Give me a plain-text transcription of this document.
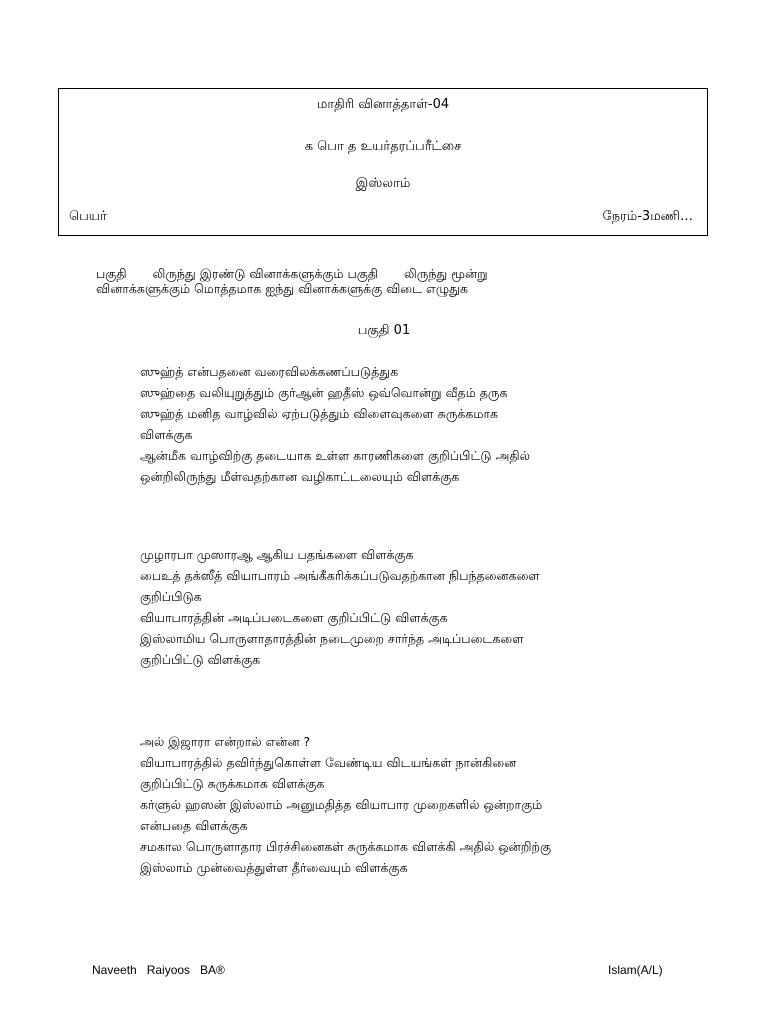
மாதிரி வினாத்தாள்-04
க பொ த உயர்தரப்பரீட்சை
இஸ்லாம்
பெயர்	நேரம்-3மணி…
பகுதி லிருந்து இரண்டு வினாக்களுக்கும் பகுதி லிருந்து மூன்று
வினாக்களுக்கும் மொத்தமாக ஐந்து வினாக்களுக்கு விடை எழுதுக
பகுதி 01
ஸுஹ்த் என்பதனை வரைவிலக்கணப்படுத்துக
ஸுஹ்தை வலியுறுத்தும் குர்ஆன் ஹதீஸ் ஒவ்வொன்று வீதம் தருக
ஸுஹ்த் மனித வாழ்வில் ஏற்படுத்தும் விளைவுகளை சுருக்கமாக
விளக்குக
ஆன்மீக வாழ்விற்கு தடையாக உள்ள காரணிகளை குறிப்பிட்டு அதில்
ஒன்றிலிருந்து மீள்வதற்கான வழிகாட்டலையும் விளக்குக
முழாரபா முஸாரஆ ஆகிய பதங்களை விளக்குக
பைஉத் தக்ஸீத் வியாபாரம் அங்கீகரிக்கப்படுவதற்கான நிபந்தனைகளை
குறிப்பிடுக
வியாபாரத்தின் அடிப்படைகளை குறிப்பிட்டு விளக்குக
இஸ்லாமிய பொருளாதாரத்தின் நடைமுறை சார்ந்த அடிப்படைகளை
குறிப்பிட்டு விளக்குக
அல் இஜாரா என்றால் என்ன ?
வியாபாரத்தில் தவிர்ந்துகொள்ள வேண்டிய விடயங்கள் நான்கினை
குறிப்பிட்டு சுருக்கமாக விளக்குக
கர்ளுல் ஹஸன் இஸ்லாம் அனுமதித்த வியாபார முறைகளில் ஒன்றாகும்
என்பதை விளக்குக
சமகால பொருளாதார பிரச்சினைகள் சுருக்கமாக விளக்கி அதில் ஒன்றிற்கு
இஸ்லாம் முன்வைத்துள்ள தீர்வையும் விளக்குக
Naveeth   Raiyoos   BA®	Islam(A/L)
